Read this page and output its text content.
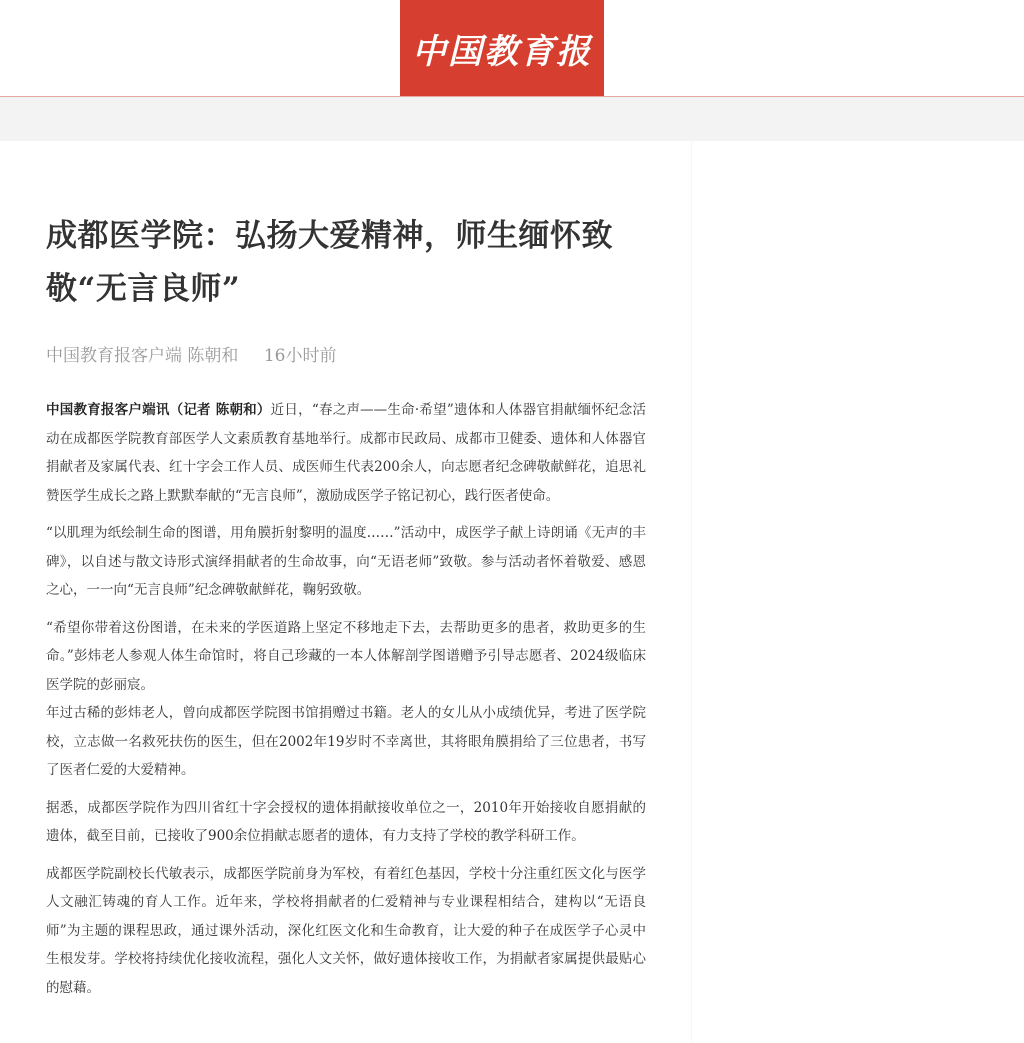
中国教育报
成都医学院：弘扬大爱精神，师生缅怀致敬“无言良师”
中国教育报客户端 陈朝和 16小时前

中国教育报客户端讯（记者 陈朝和）近日，“春之声——生命·希望”遗体和人体器官捐献缅怀纪念活动在成都医学院教育部医学人文素质教育基地举行。成都市民政局、成都市卫健委、遗体和人体器官捐献者及家属代表、红十字会工作人员、成医师生代表200余人，向志愿者纪念碑敬献鲜花，追思礼赞医学生成长之路上默默奉献的“无言良师”，激励成医学子铭记初心，践行医者使命。

“以肌理为纸绘制生命的图谱，用角膜折射黎明的温度……”活动中，成医学子献上诗朗诵《无声的丰碑》，以自述与散文诗形式演绎捐献者的生命故事，向“无语老师”致敬。参与活动者怀着敬爱、感恩之心，一一向“无言良师”纪念碑敬献鲜花，鞠躬致敬。

“希望你带着这份图谱，在未来的学医道路上坚定不移地走下去，去帮助更多的患者，救助更多的生命。”彭炜老人参观人体生命馆时，将自己珍藏的一本人体解剖学图谱赠予引导志愿者、2024级临床医学院的彭丽宸。

年过古稀的彭炜老人，曾向成都医学院图书馆捐赠过书籍。老人的女儿从小成绩优异，考进了医学院校，立志做一名救死扶伤的医生，但在2002年19岁时不幸离世，其将眼角膜捐给了三位患者，书写了医者仁爱的大爱精神。

据悉，成都医学院作为四川省红十字会授权的遗体捐献接收单位之一，2010年开始接收自愿捐献的遗体，截至目前，已接收了900余位捐献志愿者的遗体，有力支持了学校的教学科研工作。

成都医学院副校长代敏表示，成都医学院前身为军校，有着红色基因，学校十分注重红医文化与医学人文融汇铸魂的育人工作。近年来，学校将捐献者的仁爱精神与专业课程相结合，建构以“无语良师”为主题的课程思政，通过课外活动，深化红医文化和生命教育，让大爱的种子在成医学子心灵中生根发芽。学校将持续优化接收流程，强化人文关怀，做好遗体接收工作，为捐献者家属提供最贴心的慰藉。
